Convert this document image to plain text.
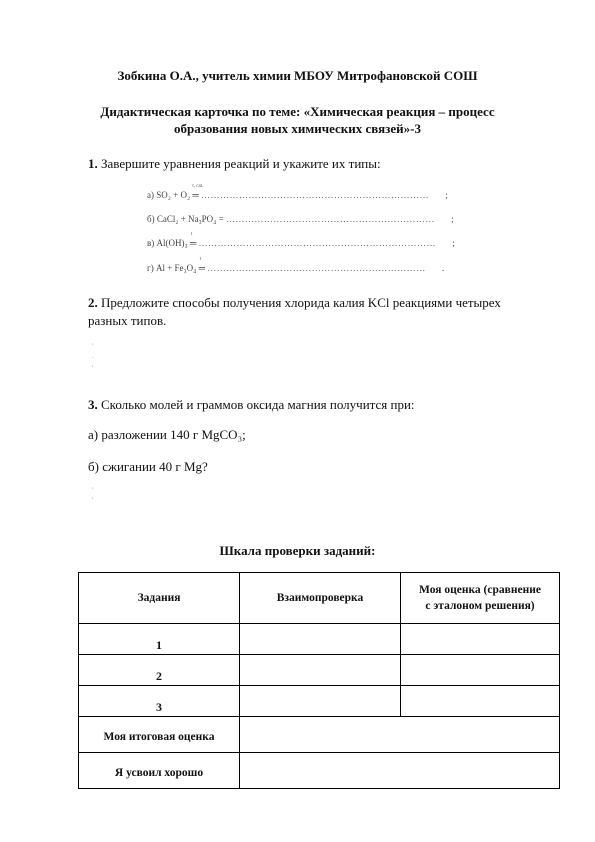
Зобкина О.А., учитель химии МБОУ Митрофановской СОШ
Дидактическая карточка по теме: «Химическая реакция – процесс
образования новых химических связей»-3
1. Завершите уравнения реакций и укажите их типы:
а) SO₂ + O₂
t, cat.
═ ……………………………………………………………… ;
б) CaCl₂ + Na₃PO₄ = ………………………………………………………… ;
в) Al(OH)₃
t
═ ………………………………………………………………… ;
г) Al + Fe₃O₄
t
═ …………………………………………………………… .
2. Предложите способы получения хлорида калия KCl реакциями четырех
разных типов.
,
.
,
3. Сколько молей и граммов оксида магния получится при:
а) разложении 140 г MgCO₃;
б) сжигании 40 г Mg?
,
,
Шкала проверки заданий:
Задания	Взаимопроверка	Моя оценка (сравнение
с эталоном решения)

1		
2		
3		
Моя итоговая оценка		
Я усвоил хорошо		
